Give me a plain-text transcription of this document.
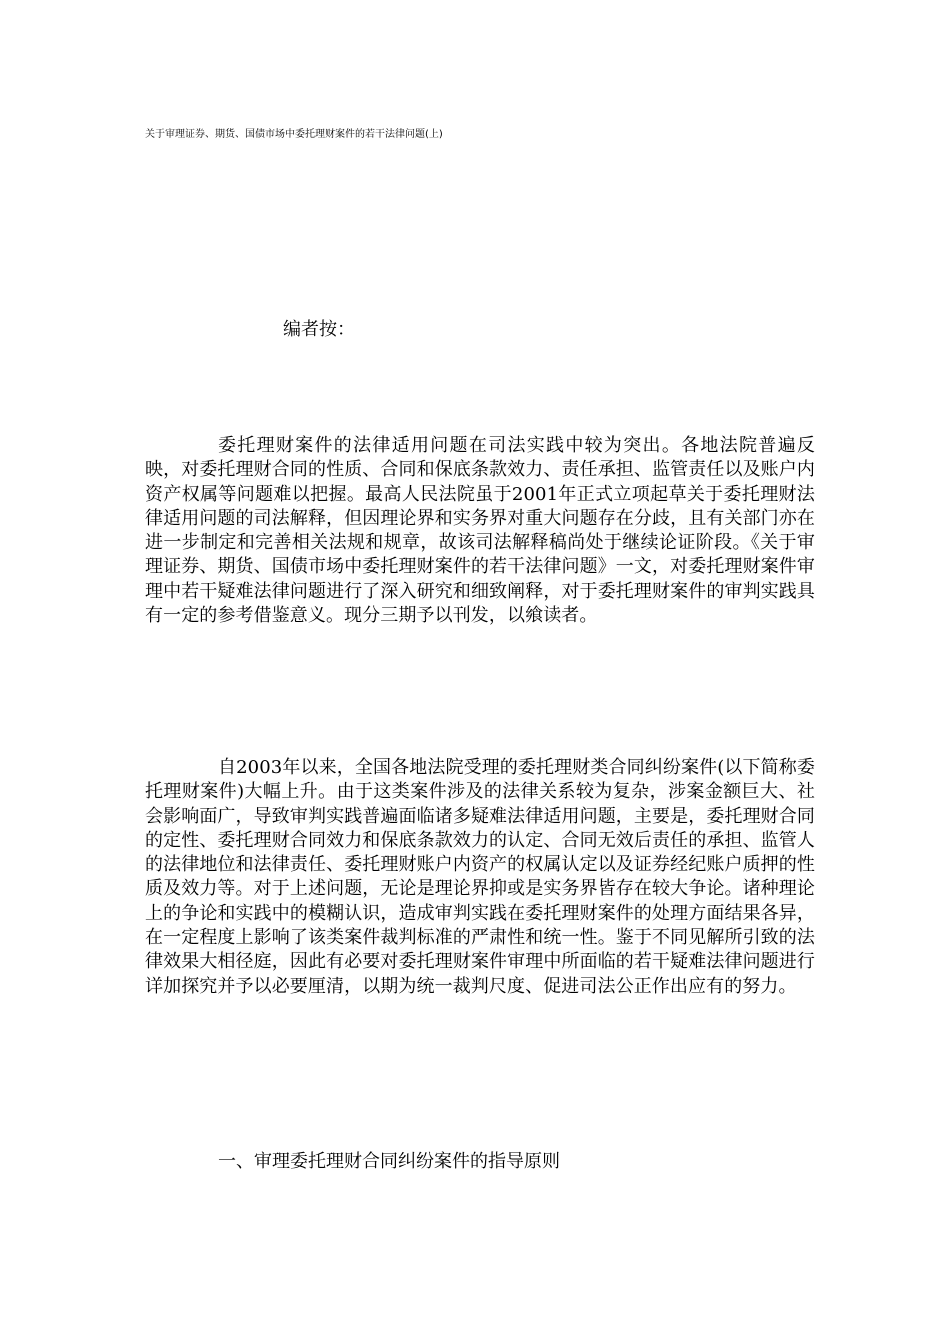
关于审理证券、期货、国债市场中委托理财案件的若干法律问题(上)
编者按：

委托理财案件的法律适用问题在司法实践中较为突出。各地法院普遍反映，对委托理财合同的性质、合同和保底条款效力、责任承担、监管责任以及账户内资产权属等问题难以把握。最高人民法院虽于2001年正式立项起草关于委托理财法律适用问题的司法解释，但因理论界和实务界对重大问题存在分歧，且有关部门亦在进一步制定和完善相关法规和规章，故该司法解释稿尚处于继续论证阶段。《关于审理证券、期货、国债市场中委托理财案件的若干法律问题》一文，对委托理财案件审理中若干疑难法律问题进行了深入研究和细致阐释，对于委托理财案件的审判实践具有一定的参考借鉴意义。现分三期予以刊发，以飨读者。

自2003年以来，全国各地法院受理的委托理财类合同纠纷案件(以下简称委托理财案件)大幅上升。由于这类案件涉及的法律关系较为复杂，涉案金额巨大、社会影响面广，导致审判实践普遍面临诸多疑难法律适用问题，主要是，委托理财合同的定性、委托理财合同效力和保底条款效力的认定、合同无效后责任的承担、监管人的法律地位和法律责任、委托理财账户内资产的权属认定以及证券经纪账户质押的性质及效力等。对于上述问题，无论是理论界抑或是实务界皆存在较大争论。诸种理论上的争论和实践中的模糊认识，造成审判实践在委托理财案件的处理方面结果各异，在一定程度上影响了该类案件裁判标准的严肃性和统一性。鉴于不同见解所引致的法律效果大相径庭，因此有必要对委托理财案件审理中所面临的若干疑难法律问题进行详加探究并予以必要厘清，以期为统一裁判尺度、促进司法公正作出应有的努力。

一、审理委托理财合同纠纷案件的指导原则
